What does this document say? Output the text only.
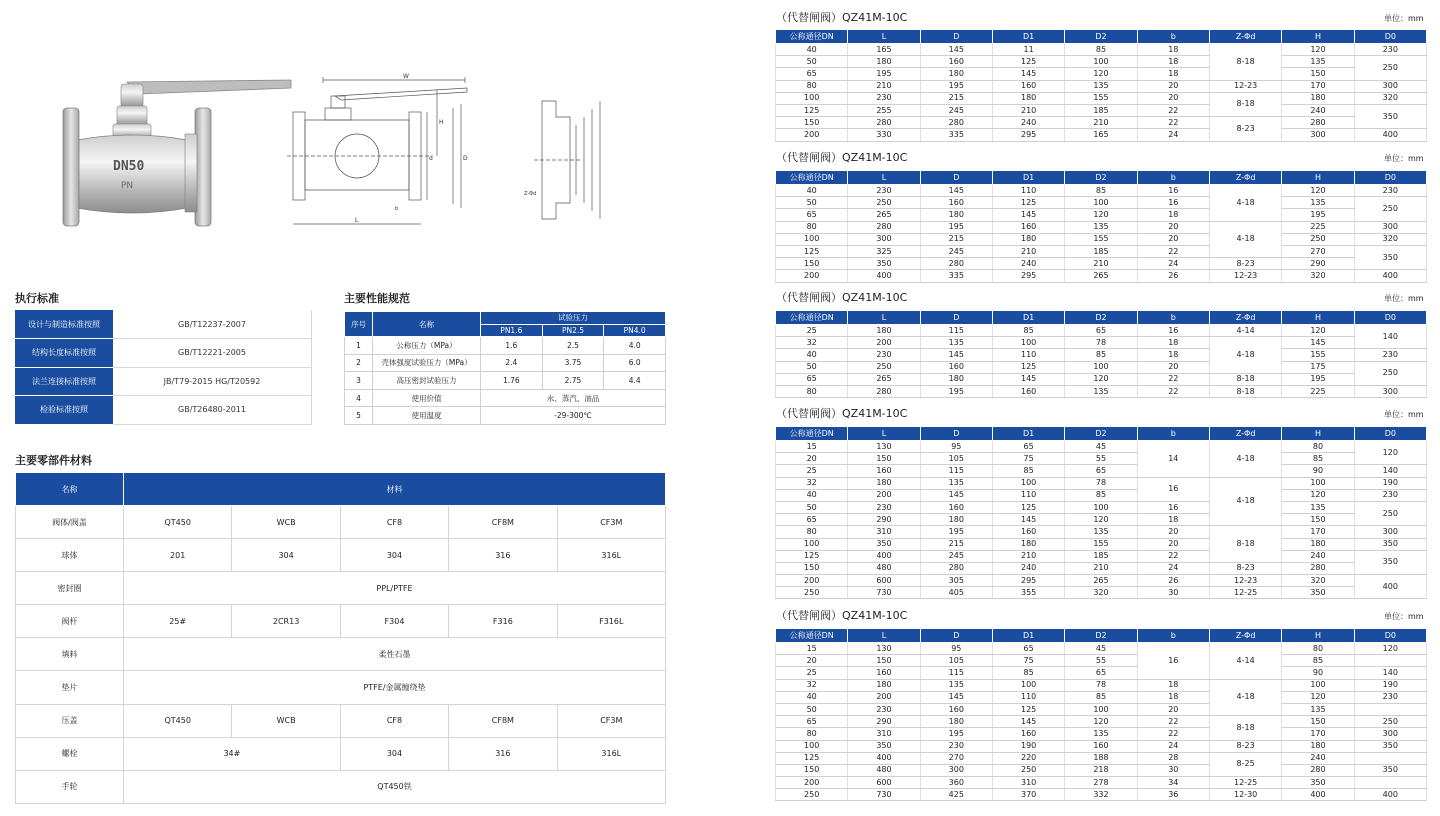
DN50
PN
W
H
L
D
d
b
Z-Φd
执行标准
设计与制造标准按照	GB/T12237-2007
结构长度标准按照	GB/T12221-2005
法兰连接标准按照	JB/T79-2015 HG/T20592
检验标准按照	GB/T26480-2011
主要性能规范
序号	名称	试验压力		
		PN1.6	PN2.5	PN4.0
1	公称压力（MPa）	1.6	2.5	4.0
2	壳体强度试验压力（MPa）	2.4	3.75	6.0
3	高压密封试验压力	1.76	2.75	4.4
4	使用价值	水、蒸汽、油品		
5	使用温度	-29-300℃		
主要零部件材料
名称	材料				
阀体/阀盖	QT450	WCB	CF8	CF8M	CF3M
球体	201	304	304	316	316L
密封圈	PPL/PTFE				
阀杆	25#	2CR13	F304	F316	F316L
填料	柔性石墨				
垫片	PTFE/金属缠绕垫				
压盖	QT450	WCB	CF8	CF8M	CF3M
螺栓	34#		304	316	316L
手轮	QT450铁				
（代替闸阀）QZ41M-10C	单位：mm
公称通径DN	L	D	D1	D2	b	Z-Φd	H	D0
40	165	145	11	85	18	8-18	120	230
50	180	160	125	100	18		135	250
65	195	180	145	120	18		150	
80	210	195	160	135	20	12-23	170	300
100	230	215	180	155	20	8-18	180	320
125	255	245	210	185	22		240	350
150	280	280	240	210	22	8-23	280	
200	330	335	295	165	24		300	400
（代替闸阀）QZ41M-10C	单位：mm
公称通径DN	L	D	D1	D2	b	Z-Φd	H	D0
40	230	145	110	85	16	4-18	120	230
50	250	160	125	100	16		135	250
65	265	180	145	120	18		195	
80	280	195	160	135	20	4-18	225	300
100	300	215	180	155	20		250	320
125	325	245	210	185	22		270	350
150	350	280	240	210	24	8-23	290	
200	400	335	295	265	26	12-23	320	400
（代替闸阀）QZ41M-10C	单位：mm
公称通径DN	L	D	D1	D2	b	Z-Φd	H	D0
25	180	115	85	65	16	4-14	120	140
32	200	135	100	78	18	4-18	145	
40	230	145	110	85	18		155	230
50	250	160	125	100	20		175	250
65	265	180	145	120	22	8-18	195	
80	280	195	160	135	22	8-18	225	300
（代替闸阀）QZ41M-10C	单位：mm
公称通径DN	L	D	D1	D2	b	Z-Φd	H	D0
15	130	95	65	45	14	4-18	80	120
20	150	105	75	55			85	
25	160	115	85	65			90	140
32	180	135	100	78	16	4-18	100	190
40	200	145	110	85			120	230
50	230	160	125	100	16		135	250
65	290	180	145	120	18		150	
80	310	195	160	135	20	8-18	170	300
100	350	215	180	155	20		180	350
125	400	245	210	185	22		240	350
150	480	280	240	210	24	8-23	280	
200	600	305	295	265	26	12-23	320	400
250	730	405	355	320	30	12-25	350	
（代替闸阀）QZ41M-10C	单位：mm
公称通径DN	L	D	D1	D2	b	Z-Φd	H	D0
15	130	95	65	45	16	4-14	80	120
20	150	105	75	55			85	
25	160	115	85	65			90	140
32	180	135	100	78	18	4-18	100	190
40	200	145	110	85	18		120	230
50	230	160	125	100	20		135	
65	290	180	145	120	22	8-18	150	250
80	310	195	160	135	22		170	300
100	350	230	190	160	24	8-23	180	350
125	400	270	220	188	28	8-25	240	
150	480	300	250	218	30		280	350
200	600	360	310	278	34	12-25	350	
250	730	425	370	332	36	12-30	400	400
